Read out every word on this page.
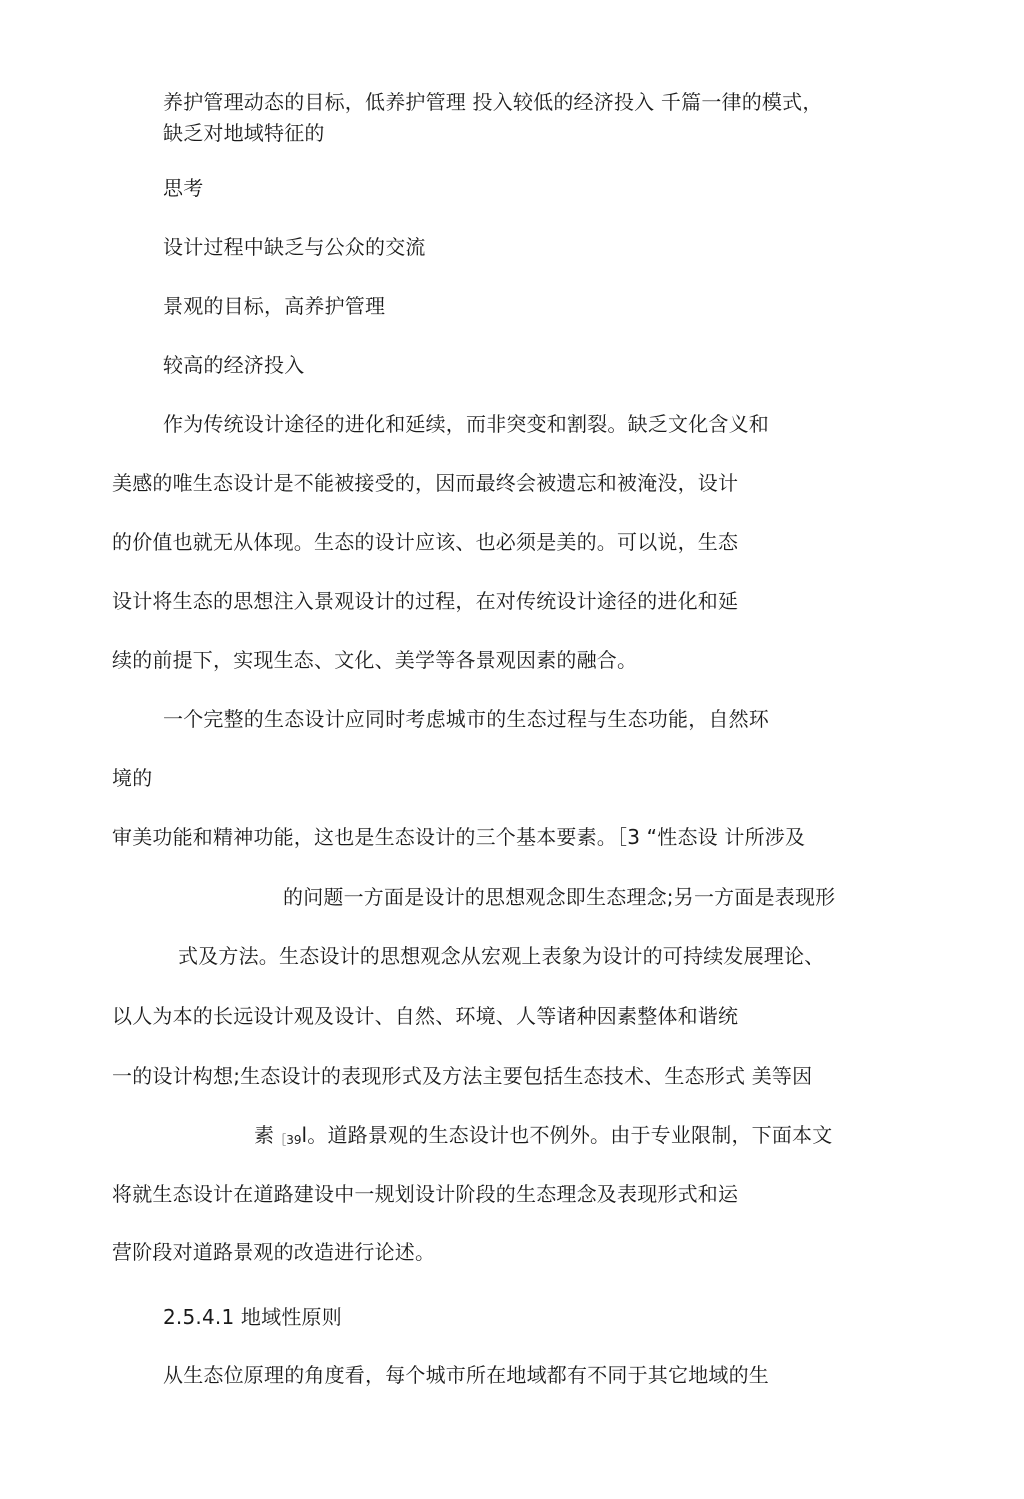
养护管理动态的目标，低养护管理 投入较低的经济投入 千篇一律的模式，
缺乏对地域特征的
思考
设计过程中缺乏与公众的交流
景观的目标，高养护管理
较高的经济投入
作为传统设计途径的进化和延续，而非突变和割裂。缺乏文化含义和
美感的唯生态设计是不能被接受的，因而最终会被遗忘和被淹没，设计
的价值也就无从体现。生态的设计应该、也必须是美的。可以说，生态
设计将生态的思想注入景观设计的过程，在对传统设计途径的进化和延
续的前提下，实现生态、文化、美学等各景观因素的融合。
一个完整的生态设计应同时考虑城市的生态过程与生态功能，自然环
境的
审美功能和精神功能，这也是生态设计的三个基本要素。［3 “性态设 计所涉及
的问题一方面是设计的思想观念即生态理念;另一方面是表现形
式及方法。生态设计的思想观念从宏观上表象为设计的可持续发展理论、
以人为本的长远设计观及设计、自然、环境、人等诸种因素整体和谐统
一的设计构想;生态设计的表现形式及方法主要包括生态技术、生态形式 美等因
素［39l。道路景观的生态设计也不例外。由于专业限制，下面本文
将就生态设计在道路建设中一规划设计阶段的生态理念及表现形式和运
营阶段对道路景观的改造进行论述。
2.5.4.1 地域性原则
从生态位原理的角度看，每个城市所在地域都有不同于其它地域的生
